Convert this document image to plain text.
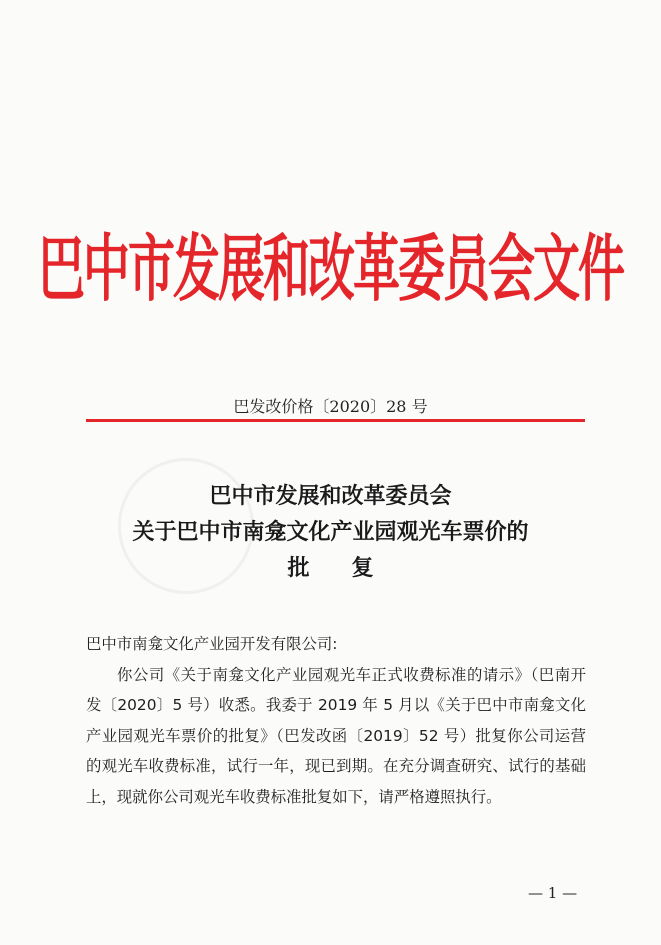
巴中市发展和改革委员会文件
巴发改价格〔2020〕28 号
巴中市发展和改革委员会
关于巴中市南龛文化产业园观光车票价的
批复
巴中市南龛文化产业园开发有限公司:
你公司《关于南龛文化产业园观光车正式收费标准的请示》（巴南开发〔2020〕5 号）收悉。我委于 2019 年 5 月以《关于巴中市南龛文化产业园观光车票价的批复》（巴发改函〔2019〕52 号）批复你公司运营的观光车收费标准，试行一年，现已到期。在充分调查研究、试行的基础上，现就你公司观光车收费标准批复如下，请严格遵照执行。
— 1 —
